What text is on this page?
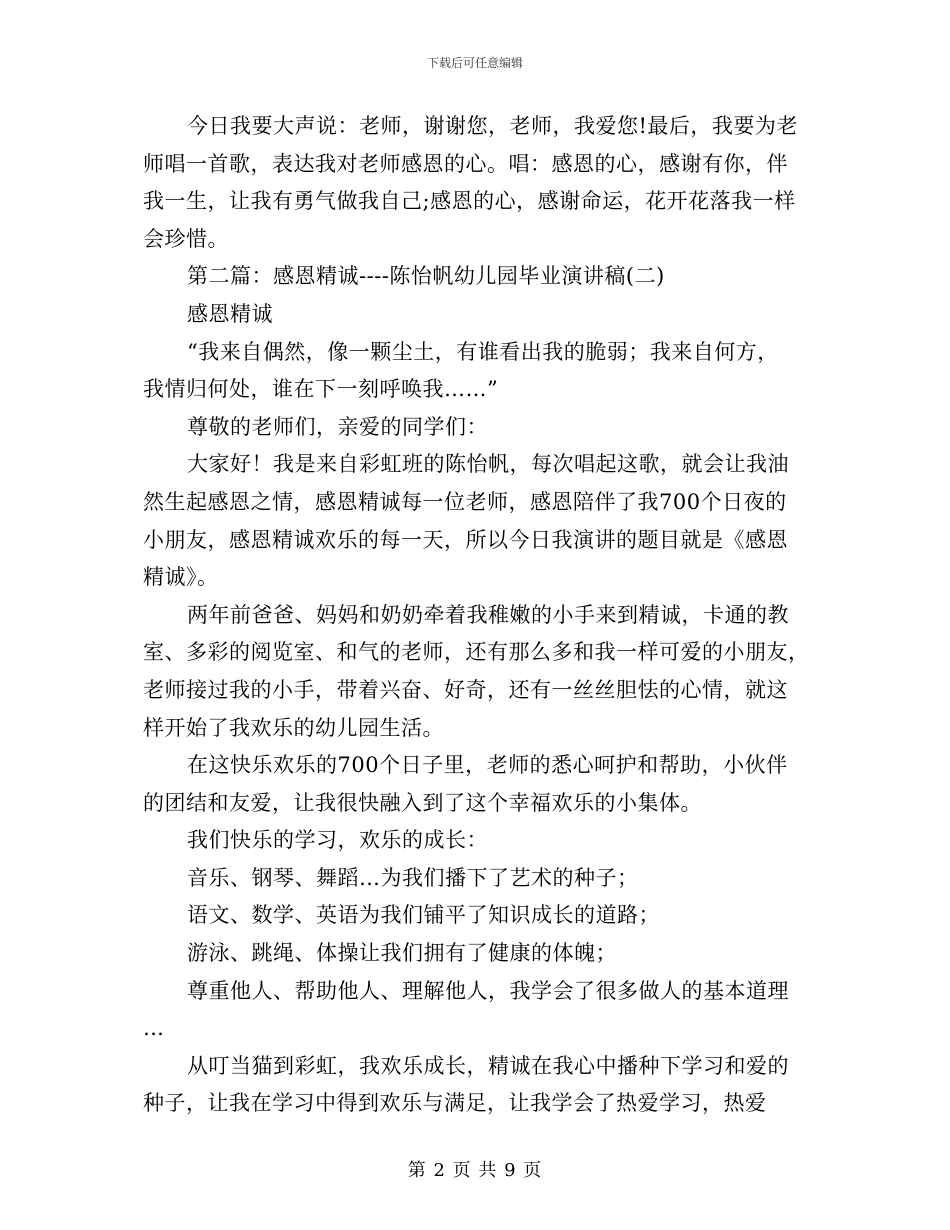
下载后可任意编辑
今日我要大声说：老师，谢谢您，老师，我爱您!最后，我要为老
师唱一首歌，表达我对老师感恩的心。唱：感恩的心，感谢有你，伴
我一生，让我有勇气做我自己;感恩的心，感谢命运，花开花落我一样
会珍惜。
第二篇：感恩精诚----陈怡帆幼儿园毕业演讲稿(二)
感恩精诚
“我来自偶然，像一颗尘土，有谁看出我的脆弱；我来自何方，
我情归何处，谁在下一刻呼唤我……”
尊敬的老师们，亲爱的同学们：
大家好！我是来自彩虹班的陈怡帆，每次唱起这歌，就会让我油
然生起感恩之情，感恩精诚每一位老师，感恩陪伴了我700个日夜的
小朋友，感恩精诚欢乐的每一天，所以今日我演讲的题目就是《感恩
精诚》。
两年前爸爸、妈妈和奶奶牵着我稚嫩的小手来到精诚，卡通的教
室、多彩的阅览室、和气的老师，还有那么多和我一样可爱的小朋友，
老师接过我的小手，带着兴奋、好奇，还有一丝丝胆怯的心情，就这
样开始了我欢乐的幼儿园生活。
在这快乐欢乐的700个日子里，老师的悉心呵护和帮助，小伙伴
的团结和友爱，让我很快融入到了这个幸福欢乐的小集体。
我们快乐的学习，欢乐的成长：
音乐、钢琴、舞蹈…为我们播下了艺术的种子；
语文、数学、英语为我们铺平了知识成长的道路；
游泳、跳绳、体操让我们拥有了健康的体魄；
尊重他人、帮助他人、理解他人，我学会了很多做人的基本道理
…
从叮当猫到彩虹，我欢乐成长，精诚在我心中播种下学习和爱的
种子，让我在学习中得到欢乐与满足，让我学会了热爱学习，热爱
第 2 页 共 9 页
